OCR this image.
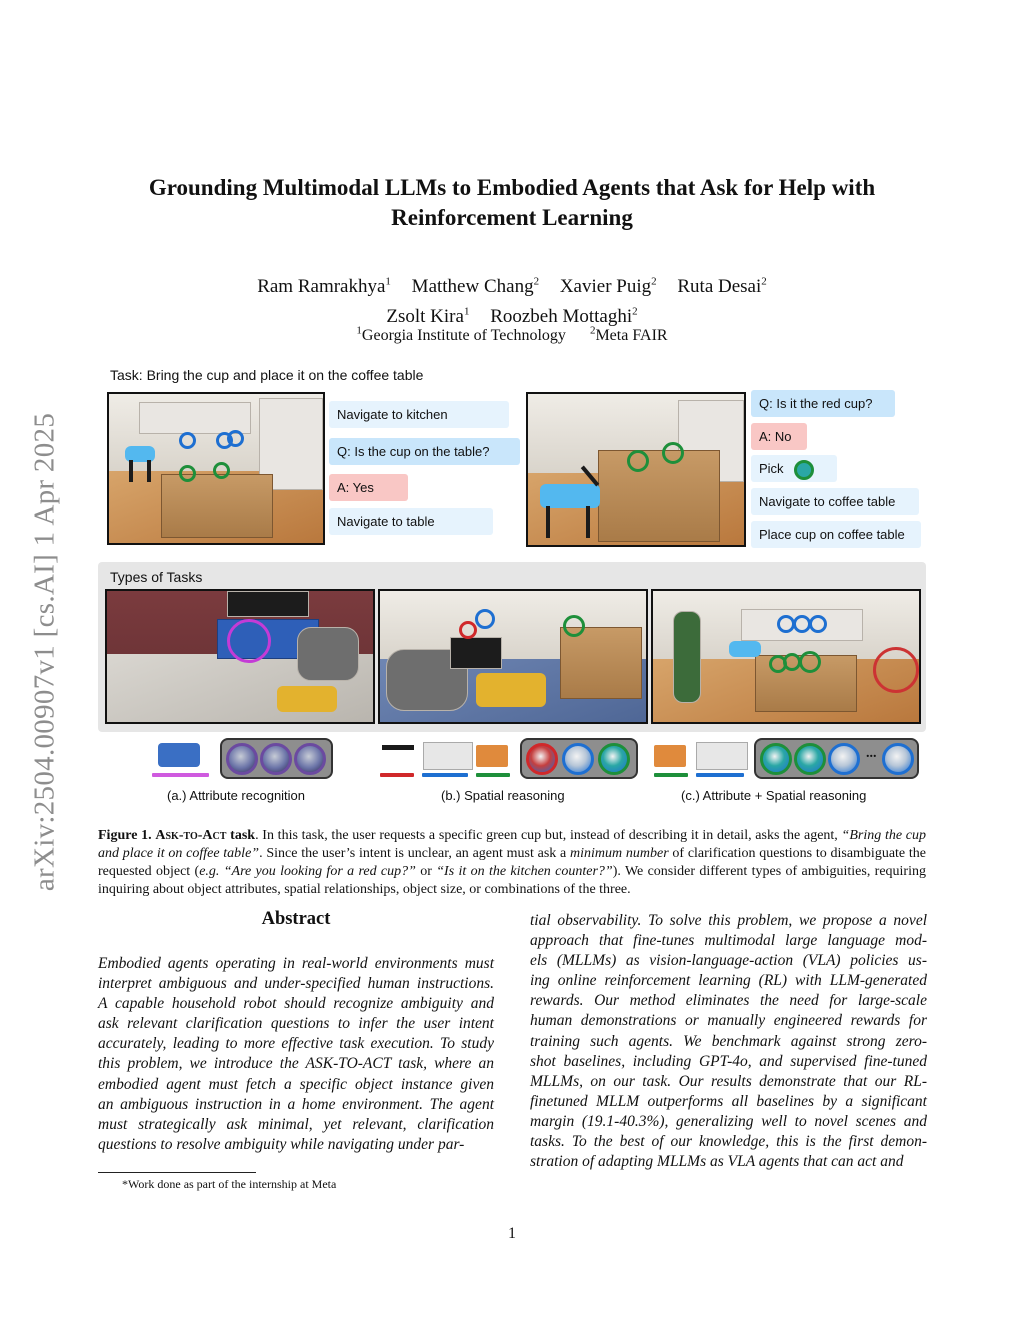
arXiv:2504.00907v1 [cs.AI] 1 Apr 2025
Grounding Multimodal LLMs to Embodied Agents that Ask for Help with
Reinforcement Learning
Ram Ramrakhya$^1$ Matthew Chang$^2$ Xavier Puig$^2$ Ruta Desai$^2$
Zsolt Kira$^1$ Roozbeh Mottaghi$^2$
$^1$Georgia Institute of Technology $^2$Meta FAIR
Task: Bring the cup and place it on the coffee table
Navigate to kitchen
Q: Is the cup on the table?
A: Yes
Navigate to table
Q: Is it the red cup?
A: No
Pick
Navigate to coffee table
Place cup on coffee table
Types of Tasks
...
(a.) Attribute recognition	(b.) Spatial reasoning	(c.) Attribute + Spatial reasoning
Figure 1. Ask-to-Act task. In this task, the user requests a specific green cup but, instead of describing it in detail, asks the agent, “Bring the cup and place it on coffee table”. Since the user’s intent is unclear, an agent must ask a minimum number of clarification questions to disambiguate the requested object (e.g. “Are you looking for a red cup?” or “Is it on the kitchen counter?”). We consider different types of ambiguities, requiring inquiring about object attributes, spatial relationships, object size, or combinations of the three.
Abstract
Embodied agents operating in real-world environments must
interpret ambiguous and under-specified human instructions.
A capable household robot should recognize ambiguity and
ask relevant clarification questions to infer the user intent
accurately, leading to more effective task execution. To study
this problem, we introduce the ASK-TO-ACT task, where an
embodied agent must fetch a specific object instance given
an ambiguous instruction in a home environment. The agent
must strategically ask minimal, yet relevant, clarification
questions to resolve ambiguity while navigating under par-
tial observability. To solve this problem, we propose a novel
approach that fine-tunes multimodal large language mod-
els (MLLMs) as vision-language-action (VLA) policies us-
ing online reinforcement learning (RL) with LLM-generated
rewards. Our method eliminates the need for large-scale
human demonstrations or manually engineered rewards for
training such agents. We benchmark against strong zero-
shot baselines, including GPT-4o, and supervised fine-tuned
MLLMs, on our task. Our results demonstrate that our RL-
finetuned MLLM outperforms all baselines by a significant
margin (19.1-40.3%), generalizing well to novel scenes and
tasks. To the best of our knowledge, this is the first demon-
stration of adapting MLLMs as VLA agents that can act and
*Work done as part of the internship at Meta
1
